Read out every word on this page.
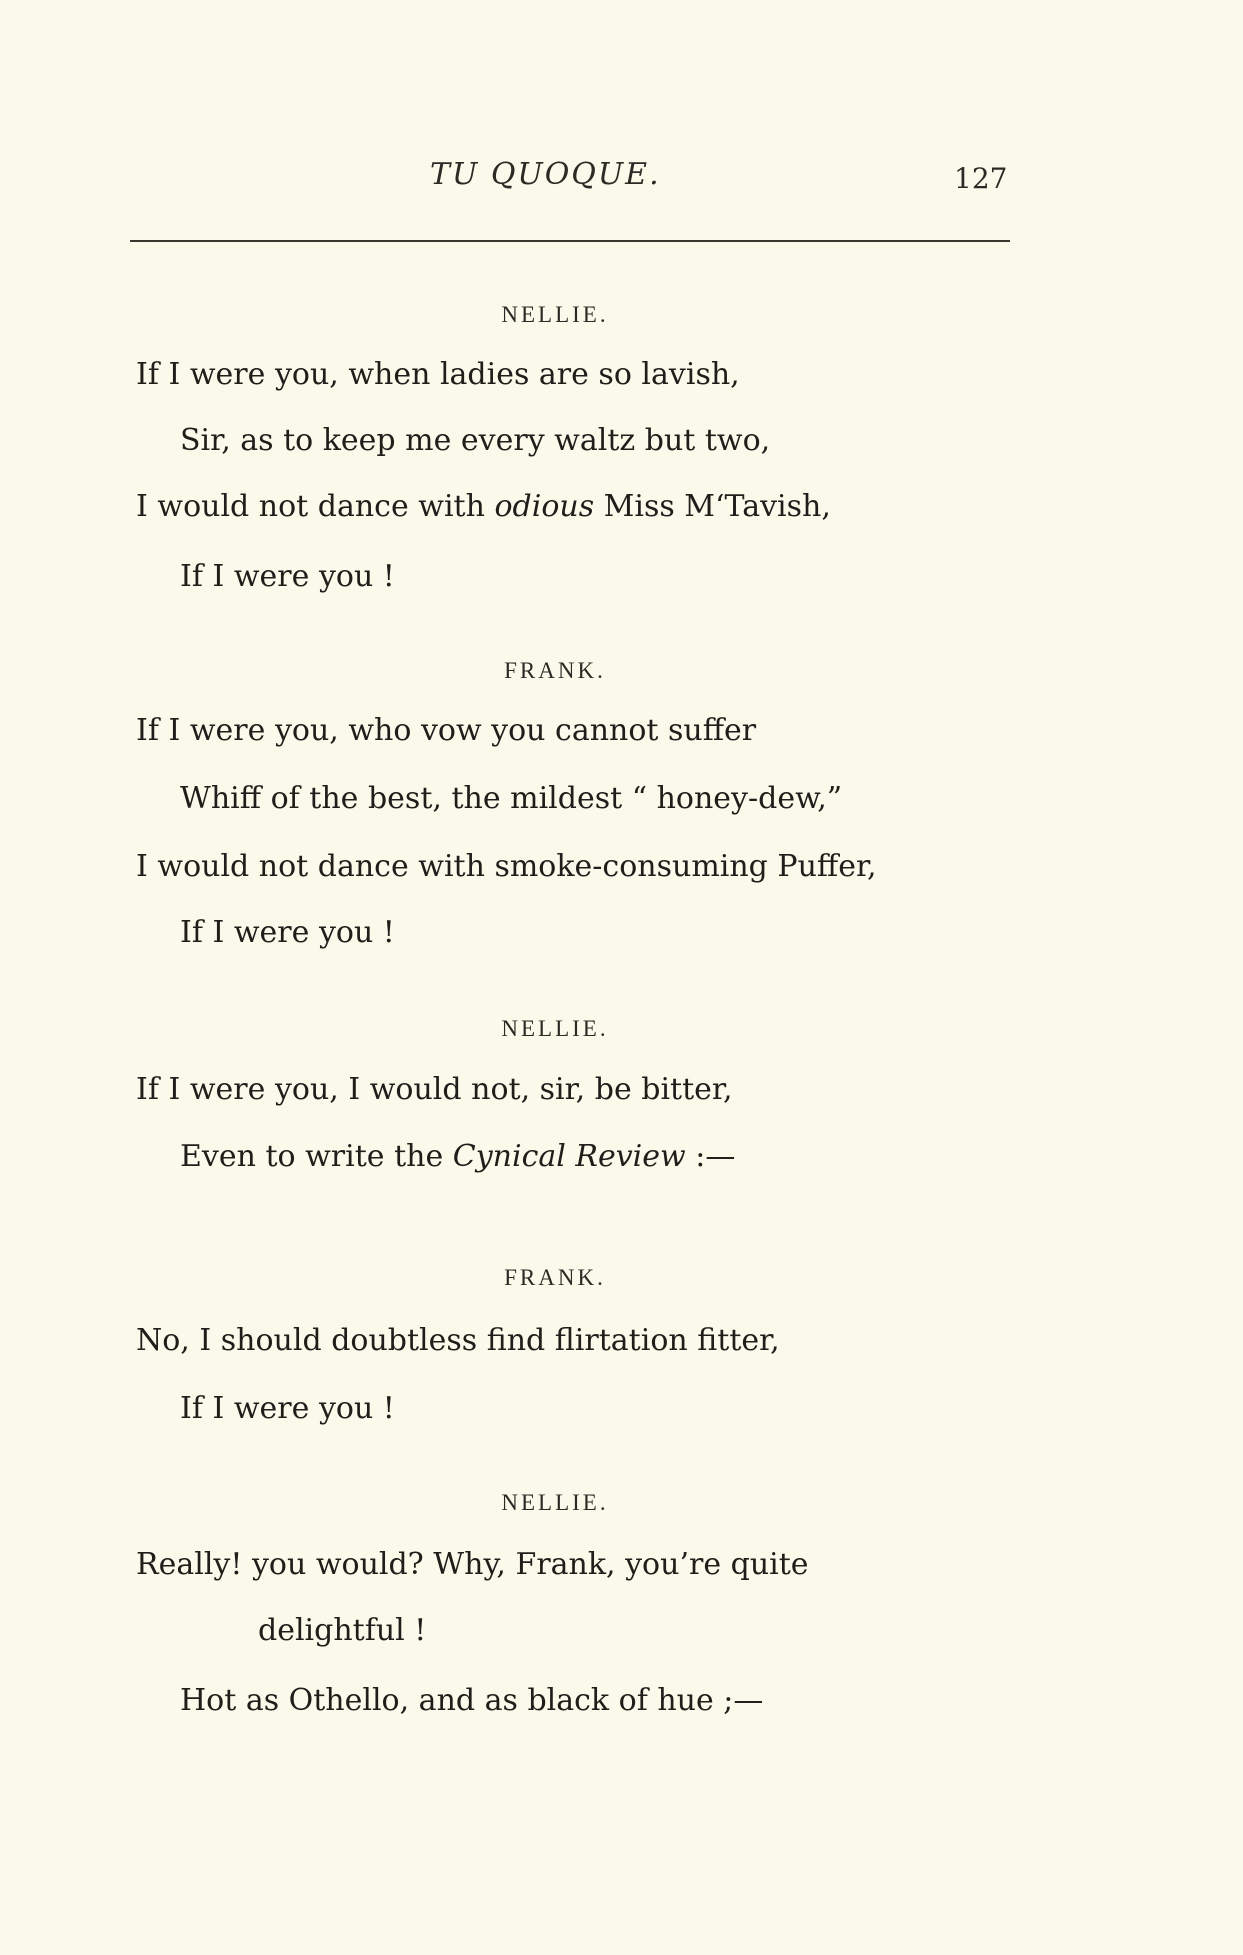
TU QUOQUE.	127
NELLIE.
If I were you, when ladies are so lavish,
Sir, as to keep me every waltz but two,
I would not dance with odious Miss M‘Tavish,
If I were you !
FRANK.
If I were you, who vow you cannot suffer
Whiff of the best, the mildest “ honey-dew,”
I would not dance with smoke-consuming Puffer,
If I were you !
NELLIE.
If I were you, I would not, sir, be bitter,
Even to write the Cynical Review :—
FRANK.
No, I should doubtless find flirtation fitter,
If I were you !
NELLIE.
Really! you would? Why, Frank, you’re quite
delightful !
Hot as Othello, and as black of hue ;—
